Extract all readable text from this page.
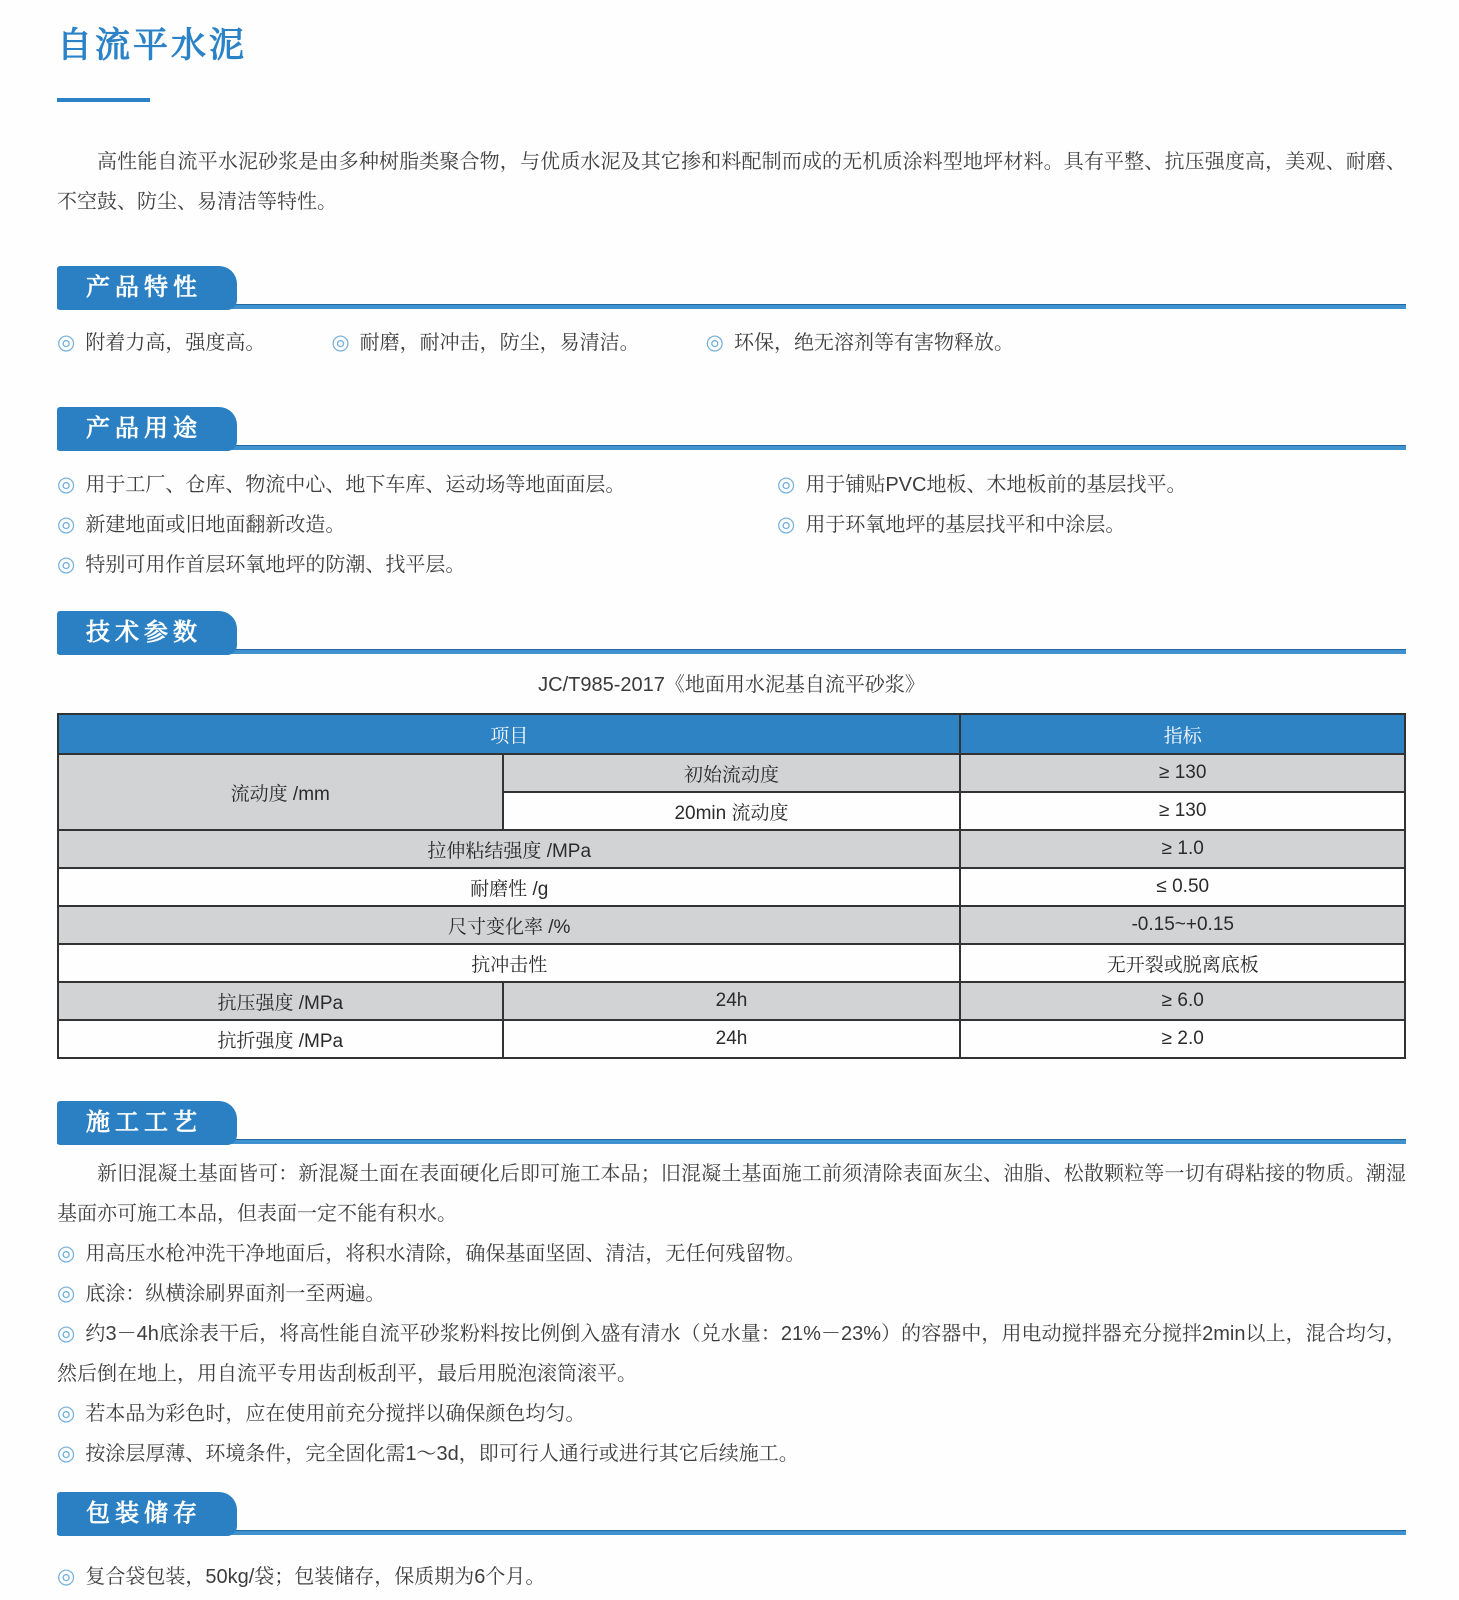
自流平水泥

高性能自流平水泥砂浆是由多种树脂类聚合物，与优质水泥及其它掺和料配制而成的无机质涂料型地坪材料。具有平整、抗压强度高，美观、耐磨、不空鼓、防尘、易清洁等特性。

产品特性

◎ 附着力高，强度高。	◎ 耐磨，耐冲击，防尘，易清洁。	◎ 环保，绝无溶剂等有害物释放。

产品用途

◎ 用于工厂、仓库、物流中心、地下车库、运动场等地面面层。

◎ 新建地面或旧地面翻新改造。

◎ 特别可用作首层环氧地坪的防潮、找平层。

◎ 用于铺贴PVC地板、木地板前的基层找平。

◎ 用于环氧地坪的基层找平和中涂层。

技术参数
JC/T985-2017《地面用水泥基自流平砂浆》
项目		指标
流动度 /mm	初始流动度	≥ 130
	20min 流动度	≥ 130
拉伸粘结强度 /MPa		≥ 1.0
耐磨性 /g		≤ 0.50
尺寸变化率 /%		-0.15~+0.15
抗冲击性		无开裂或脱离底板
抗压强度 /MPa	24h	≥ 6.0
抗折强度 /MPa	24h	≥ 2.0
施工工艺

新旧混凝土基面皆可：新混凝土面在表面硬化后即可施工本品；旧混凝土基面施工前须清除表面灰尘、油脂、松散颗粒等一切有碍粘接的物质。潮湿基面亦可施工本品，但表面一定不能有积水。

◎ 用高压水枪冲洗干净地面后，将积水清除，确保基面坚固、清洁，无任何残留物。

◎ 底涂：纵横涂刷界面剂一至两遍。

◎ 约3－4h底涂表干后，将高性能自流平砂浆粉料按比例倒入盛有清水（兑水量：21%－23%）的容器中，用电动搅拌器充分搅拌2min以上，混合均匀，然后倒在地上，用自流平专用齿刮板刮平，最后用脱泡滚筒滚平。

◎ 若本品为彩色时，应在使用前充分搅拌以确保颜色均匀。

◎ 按涂层厚薄、环境条件，完全固化需1～3d，即可行人通行或进行其它后续施工。

包装储存

◎ 复合袋包装，50kg/袋；包装储存，保质期为6个月。
